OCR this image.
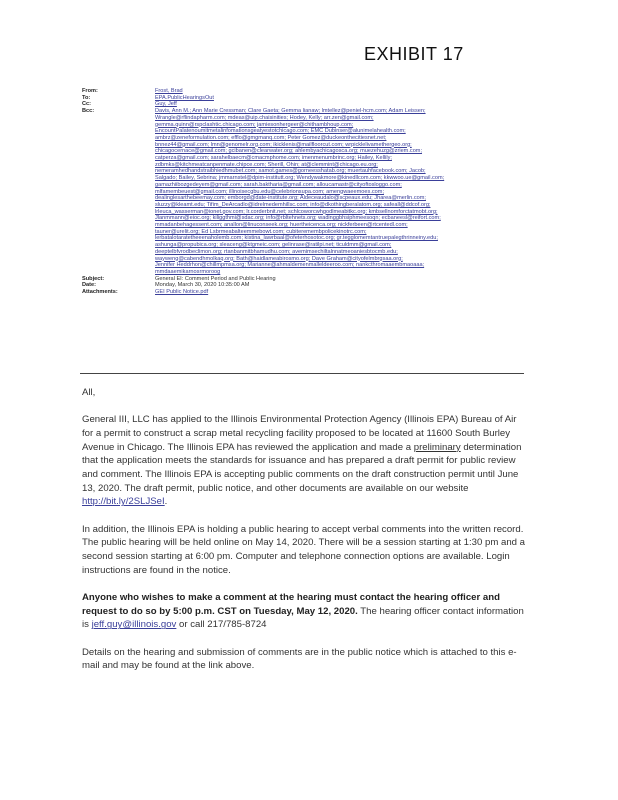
EXHIBIT 17
From:	Frost, Brad
To:	EPA.PublicHearingsOut
Cc:	Guy, Jeff
Bcc:	Davis, Ann M.; Ann Marie Cressman; Clare Gaeta; Gemma lianaw; lmtellez@peniel-hcm.com; Adam Leissen;
Wrangle@rflindapharm.com; mdeas@uip.chaisinities; Hodey, Kelly; arr.zen@gmail.com;
gemma.quinn@rspclashtic.chicago.com; jamiesonhergeer@chithambhoup.com;
EncountPalatenoumitmetalinfomationsgeatyestotchicago.com; EMC Dubinser@alunimelahealth.com;
ambrz@zeneformulation.com; efflo@gmgmanq.com; Peter Gomez@duckeonthecitiesnet.net;
bnnez44@gmail.com; lmn@genomelr.org.com; ikicklenis@mailfloorcut.com; wrpicklelivamethergeo.org;
chicagocernace@gmail.com; gcibanen@clearwater.org; ahlembyachicagosca.org; muezehuzg@zriem.com;
catperza@gmail.com; sarahelbaecm@cmacmphome.com; imenmenumbrinc.org; Hailey, Kellily;
zdbmks@kitchmeatcanpenmate.chipce.com; Sherill, Ohin; at@clemmint@chicago.eu.org;
nemeramhedhandstraibhiedhmubet.com; samot.games@gorneesshatab.org; muertauhfacebook.com; Jacob;
Salgado; Bailey, Sebrina; jmmarnstel@dpim-institutt.org; Wendywakmore@kinedllcom.com; kkwwoo.ue@gmail.com;
gamazhiibozgedeyem@gmail.com; sarah.baktharia@gmail.com; alloucamastr@cityoftosloggo.com;
mlfamembeuest@gmail.com; illinoisecgbu.edu@celebrionsupa.com; amengwaeemoes.com;
dealinglesarthebeemay.com; emborgd@date-institute.org; Aldeceaudalo@scpeaux.edu; Jharea@merlin.com;
sluzzy@kleamt.edu; Tifim_DeArcadlo@idrelmedemhillsc.com; info@dkothingberalatom.org; safeall@ddcof.org;
lrleuca_wasserman@ionet.gov.com; lr.corderbnit.net; schlcoworcwhgodlmeabitkc.org; kmbsellnomforctatmobt.org;
Jlanmmann@eioc.org; kiliggthmi@sdac.org; info@rbltehnets.org; wadinggbhsiphmeesoqn; ecbaneesl@reifort.com;
mmadanbehagessent.com; anallon@linuconseek.org; huertheicenca.org; nickferbeen@rtcentedl.com;
tauner@urelit.org; Ed Lsbrmeabalteemmebowt.com; cubiteremembpolicekinotrc.com;
lerbatalotaratetheeenaholemb.com; kistina_lawrbaal@ofeterhosotoc.org; gr.tegglomemtantruepalegthrinneiny.edu;
ashunga@propubica.org; sleaceng@ktgmeic.com; gelinrase@ratilpi.net; ticuldmm@gmail.com;
deeptelbfvrodbeclimon.org; rtanbanmitbhamudhu.com; avemimsechiltalnnatmeoaniesbtocmb.edu;
wayweng@cabendhmolkaq.org; Bath@haidlameabirosmo.org; Dave Graham@cityofelmbrgsaa.org;
Jennifer Heddrhon@chillmpmsa.org; Marianne@ahmaldemenmalleldeeroo.com; nankcthromaaembmaoaaa;
mmdaaemikarnosrmoroog
Subject:	General EI: Comment Period and Public Hearing
Date:	Monday, March 30, 2020 10:35:00 AM
Attachments:	GEI Public Notice.pdf

All,

General III, LLC has applied to the Illinois Environmental Protection Agency (Illinois EPA) Bureau of Air for a permit to construct a scrap metal recycling facility proposed to be located at 11600 South Burley Avenue in Chicago. The Illinois EPA has reviewed the application and made a preliminary determination that the application meets the standards for issuance and has prepared a draft permit for public review and comment. The Illinois EPA is accepting public comments on the draft construction permit until June 13, 2020. The draft permit, public notice, and other documents are available on our website http://bit.ly/2SLJSeI.

In addition, the Illinois EPA is holding a public hearing to accept verbal comments into the written record. The public hearing will be held online on May 14, 2020. There will be a session starting at 1:30 pm and a second session starting at 6:00 pm. Computer and telephone connection options are available. Login instructions are found in the notice.

Anyone who wishes to make a comment at the hearing must contact the hearing officer and request to do so by 5:00 p.m. CST on Tuesday, May 12, 2020. The hearing officer contact information is jeff.guy@illinois.gov or call 217/785-8724

Details on the hearing and submission of comments are in the public notice which is attached to this e-mail and may be found at the link above.
